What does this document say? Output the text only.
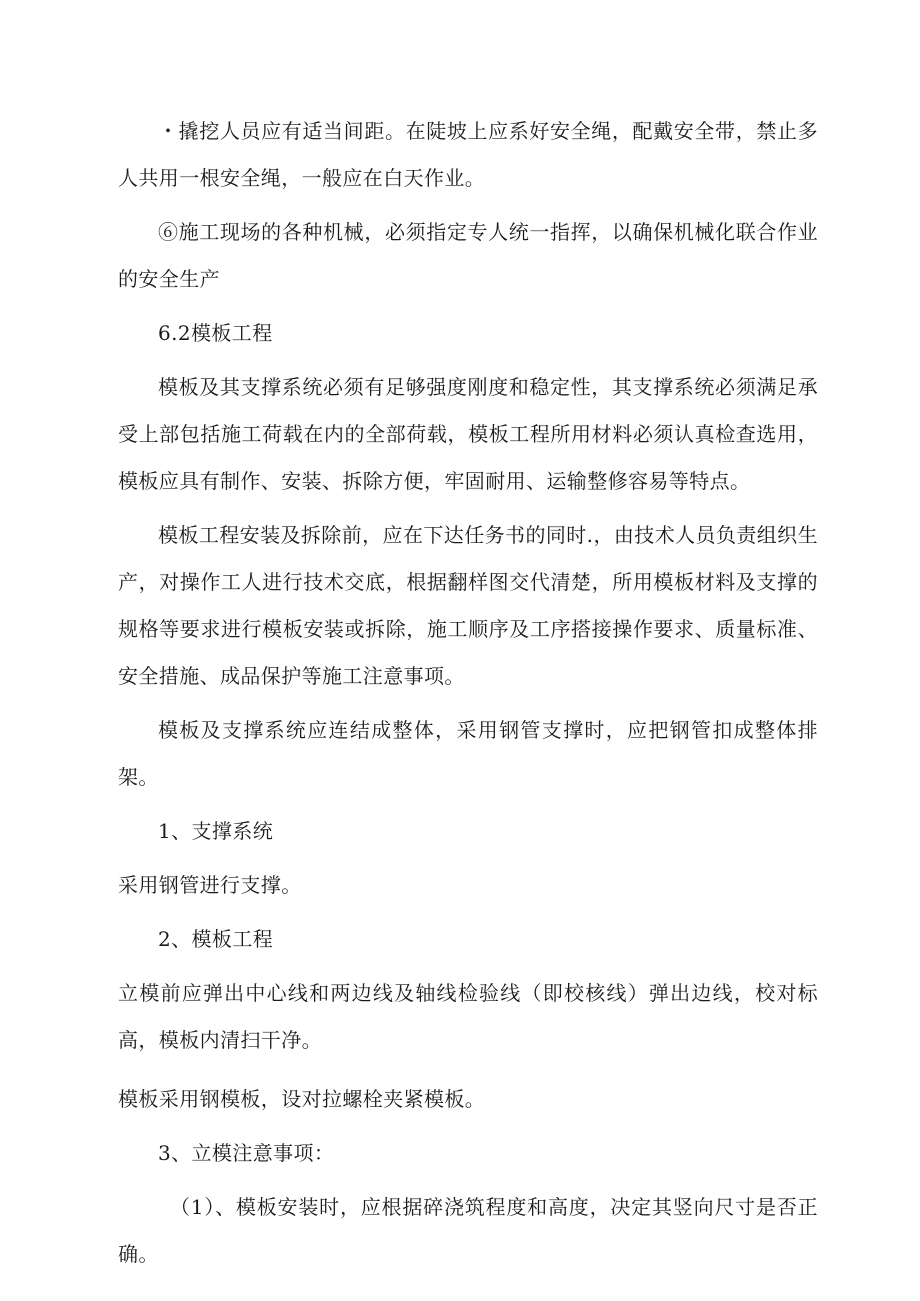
・撬挖人员应有适当间距。在陡坡上应系好安全绳，配戴安全带，禁止多人共用一根安全绳，一般应在白天作业。

⑥施工现场的各种机械，必须指定专人统一指挥，以确保机械化联合作业的安全生产

6.2模板工程

模板及其支撑系统必须有足够强度刚度和稳定性，其支撑系统必须满足承受上部包括施工荷载在内的全部荷载，模板工程所用材料必须认真检查选用，模板应具有制作、安装、拆除方便，牢固耐用、运输整修容易等特点。

模板工程安装及拆除前，应在下达任务书的同时.，由技术人员负责组织生产，对操作工人进行技术交底，根据翻样图交代清楚，所用模板材料及支撑的规格等要求进行模板安装或拆除，施工顺序及工序搭接操作要求、质量标准、安全措施、成品保护等施工注意事项。

模板及支撑系统应连结成整体，采用钢管支撑时，应把钢管扣成整体排架。

1、支撑系统

采用钢管进行支撑。

2、模板工程

立模前应弹出中心线和两边线及轴线检验线（即校核线）弹出边线，校对标高，模板内清扫干净。

模板采用钢模板，设对拉螺栓夹紧模板。

3、立模注意事项：

（1）、模板安装时，应根据碎浇筑程度和高度，决定其竖向尺寸是否正确。
